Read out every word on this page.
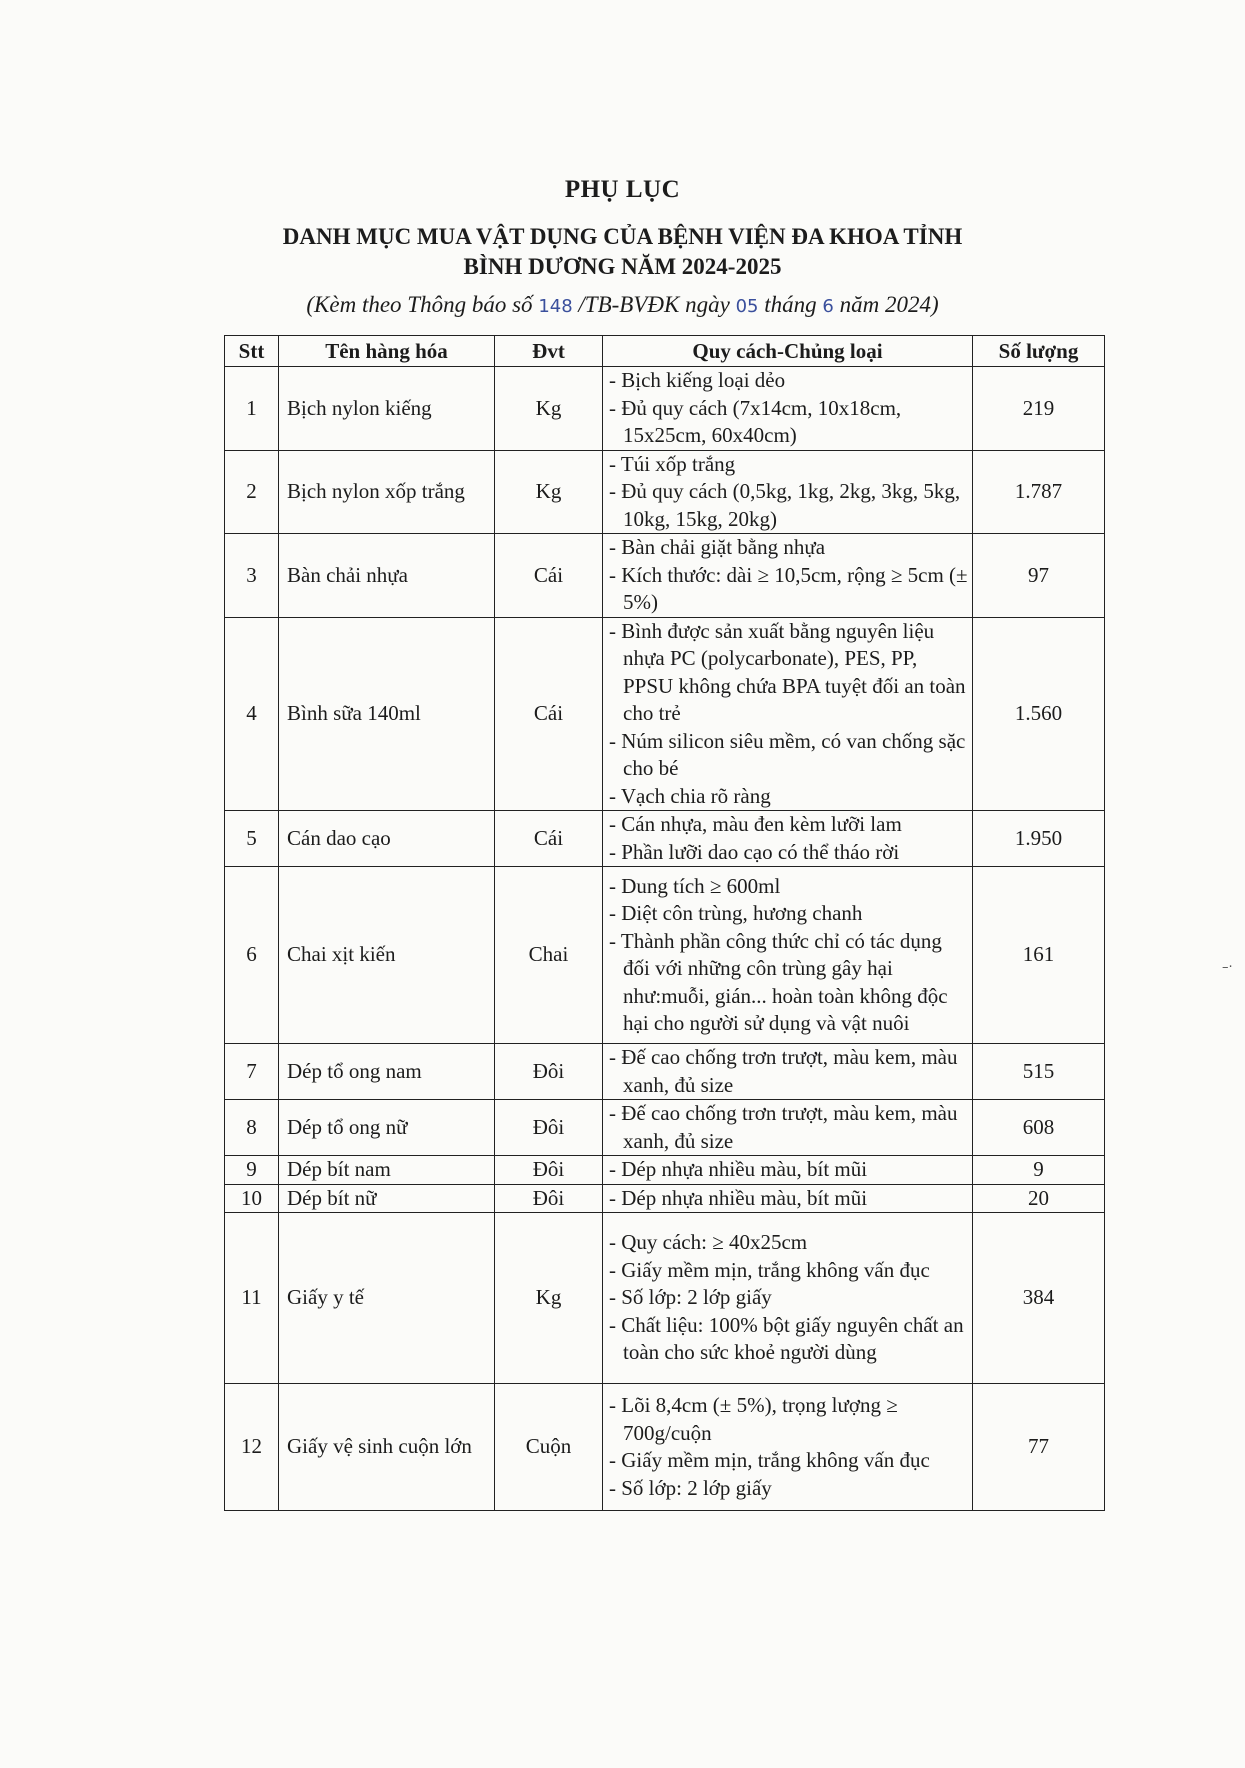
PHỤ LỤC
DANH MỤC MUA VẬT DỤNG CỦA BỆNH VIỆN ĐA KHOA TỈNH
BÌNH DƯƠNG NĂM 2024-2025
(Kèm theo Thông báo số 148 /TB-BVĐK ngày 05 tháng 6 năm 2024)
Stt	Tên hàng hóa	Đvt	Quy cách-Chủng loại	Số lượng
1	Bịch nylon kiếng	Kg	- Bịch kiếng loại dẻo
- Đủ quy cách (7x14cm, 10x18cm, 15x25cm, 60x40cm)	219
2	Bịch nylon xốp trắng	Kg	- Túi xốp trắng
- Đủ quy cách (0,5kg, 1kg, 2kg, 3kg, 5kg, 10kg, 15kg, 20kg)	1.787
3	Bàn chải nhựa	Cái	- Bàn chải giặt bằng nhựa
- Kích thước: dài ≥ 10,5cm, rộng ≥ 5cm (± 5%)	97
4	Bình sữa 140ml	Cái	- Bình được sản xuất bằng nguyên liệu nhựa PC (polycarbonate), PES, PP, PPSU không chứa BPA tuyệt đối an toàn cho trẻ
- Núm silicon siêu mềm, có van chống sặc cho bé
- Vạch chia rõ ràng	1.560
5	Cán dao cạo	Cái	- Cán nhựa, màu đen kèm lưỡi lam
- Phần lưỡi dao cạo có thể tháo rời	1.950
6	Chai xịt kiến	Chai	- Dung tích ≥ 600ml
- Diệt côn trùng, hương chanh
- Thành phần công thức chỉ có tác dụng đối với những côn trùng gây hại như:muỗi, gián... hoàn toàn không độc hại cho người sử dụng và vật nuôi	161
7	Dép tổ ong nam	Đôi	- Đế cao chống trơn trượt, màu kem, màu xanh, đủ size	515
8	Dép tổ ong nữ	Đôi	- Đế cao chống trơn trượt, màu kem, màu xanh, đủ size	608
9	Dép bít nam	Đôi	- Dép nhựa nhiều màu, bít mũi	9
10	Dép bít nữ	Đôi	- Dép nhựa nhiều màu, bít mũi	20
11	Giấy y tế	Kg	- Quy cách: ≥ 40x25cm
- Giấy mềm mịn, trắng không vấn đục
- Số lớp: 2 lớp giấy
- Chất liệu: 100% bột giấy nguyên chất an toàn cho sức khoẻ người dùng	384
12	Giấy vệ sinh cuộn lớn	Cuộn	- Lõi 8,4cm (± 5%), trọng lượng ≥ 700g/cuộn
- Giấy mềm mịn, trắng không vấn đục
- Số lớp: 2 lớp giấy	77
–·
